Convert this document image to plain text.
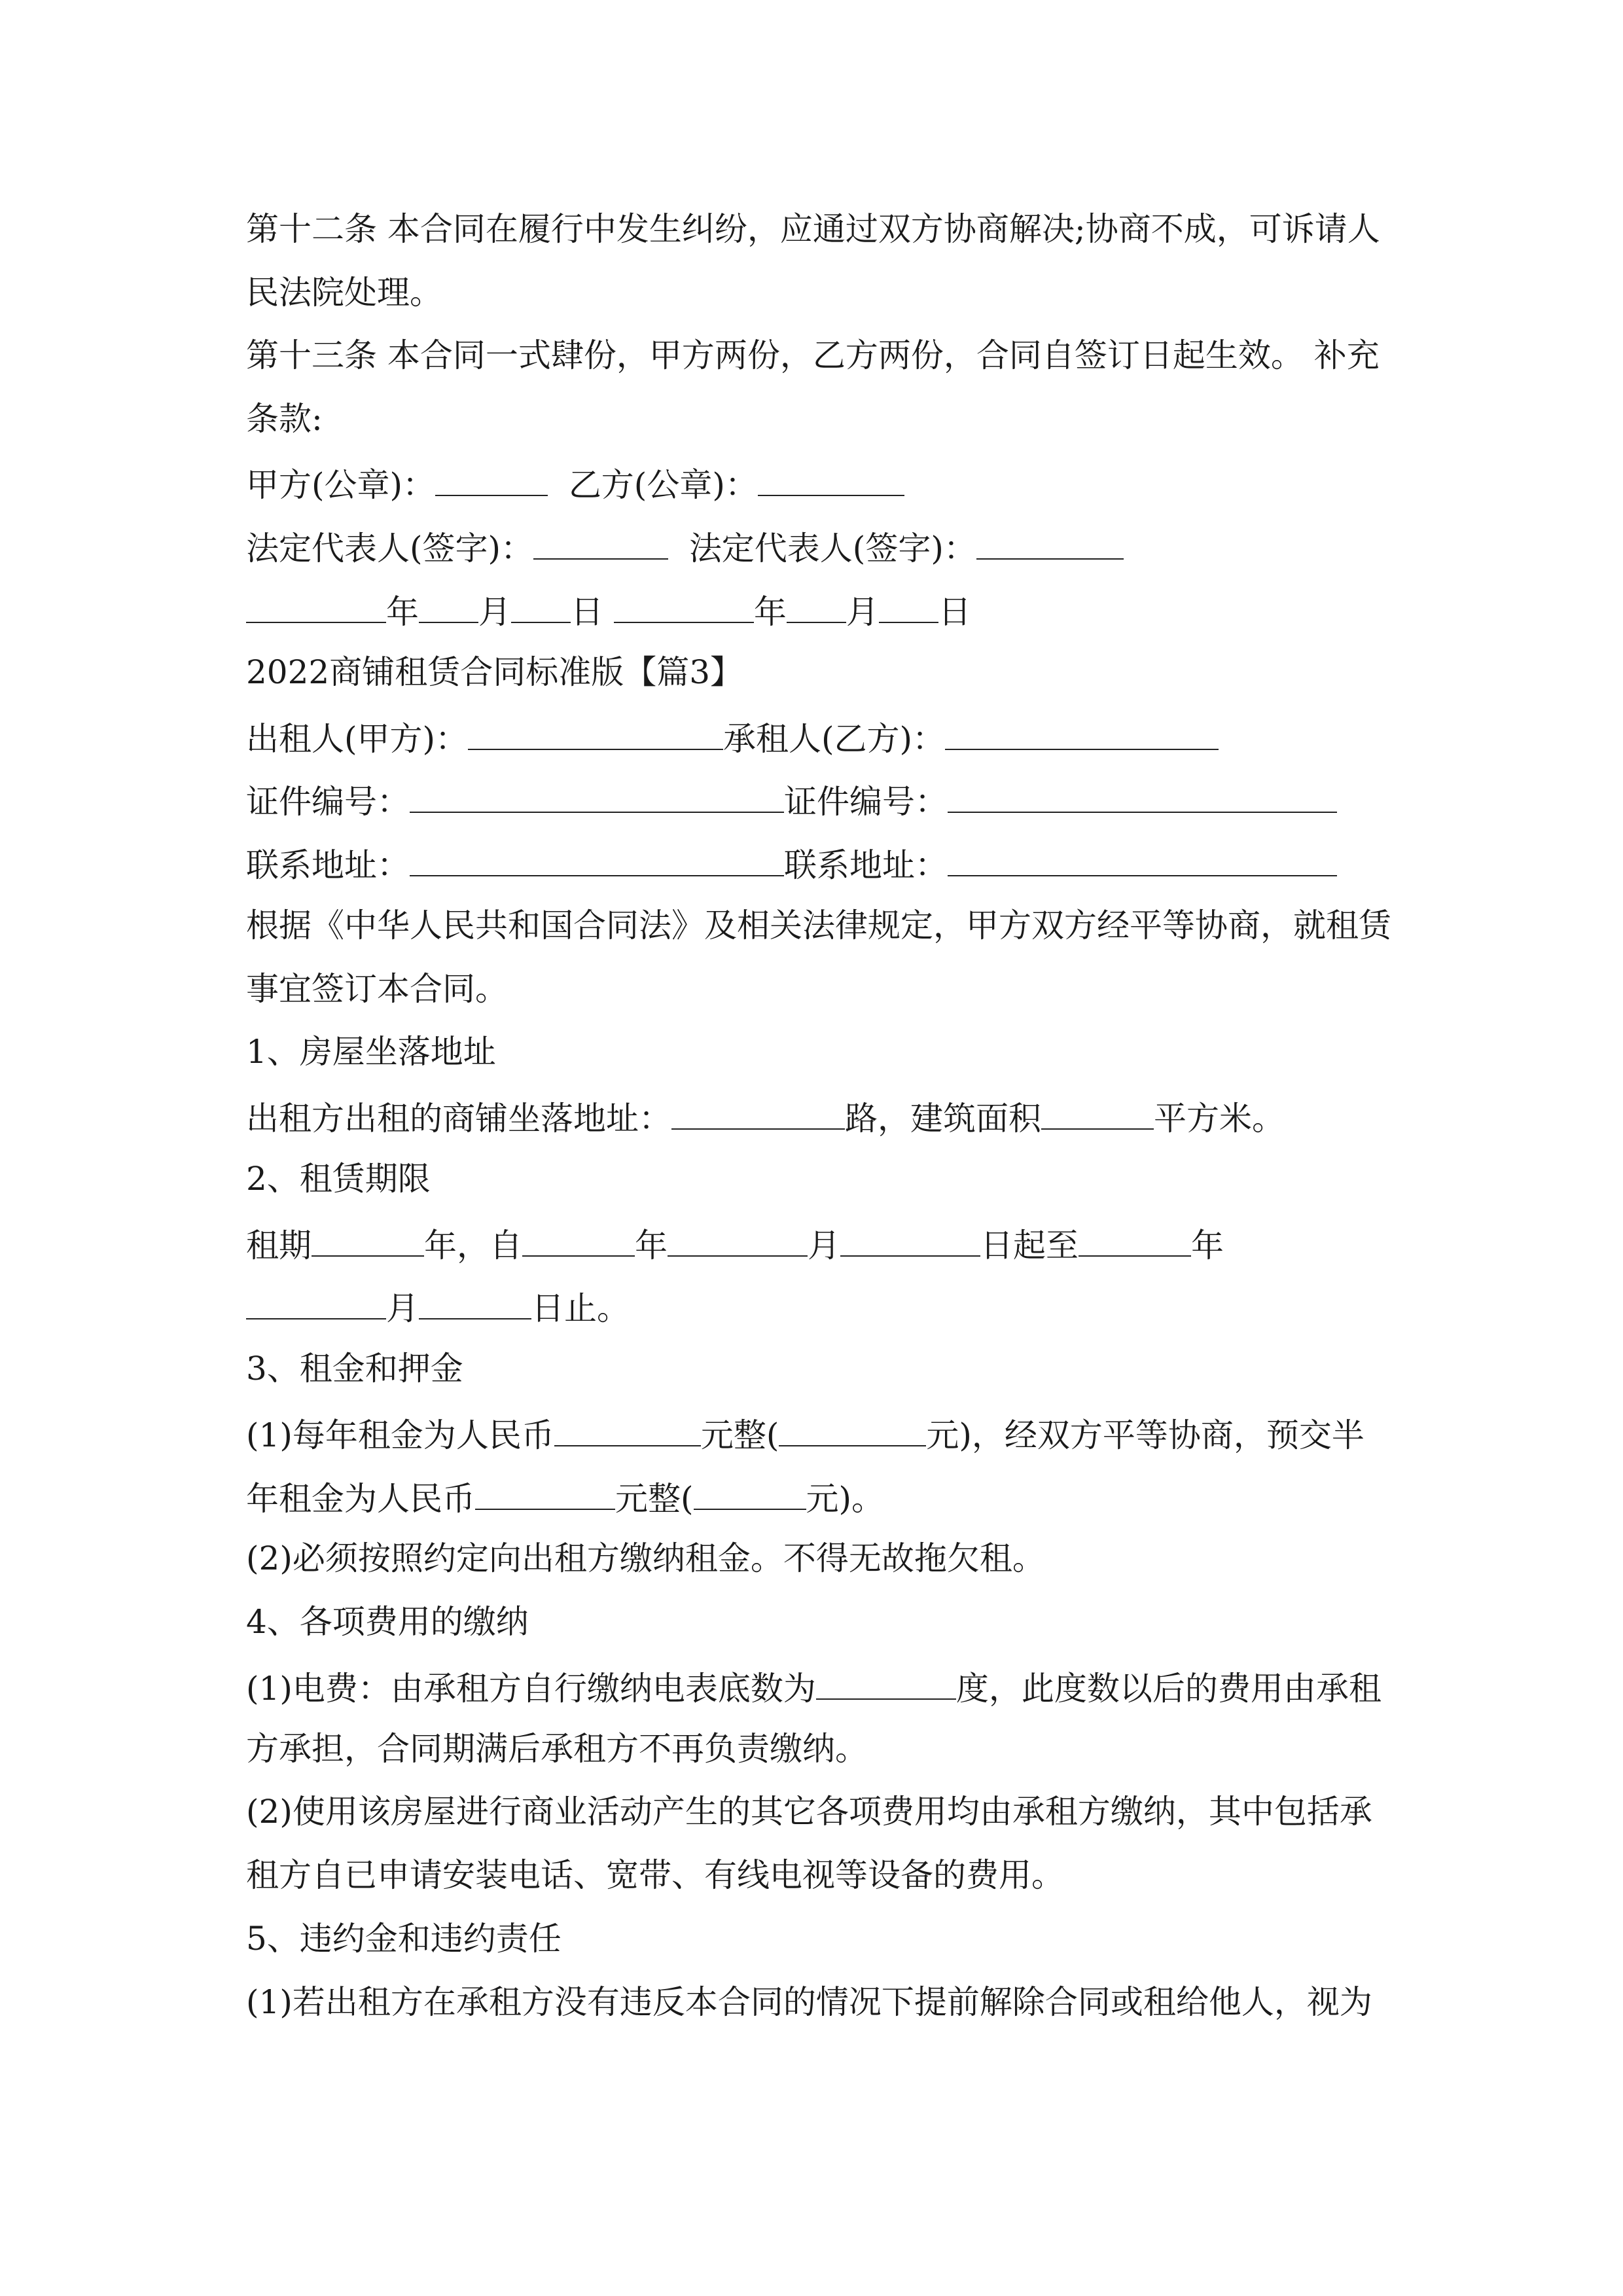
第十二条 本合同在履行中发生纠纷，应通过双方协商解决;协商不成，可诉请人

民法院处理。

第十三条 本合同一式肆份，甲方两份，乙方两份，合同自签订日起生效。 补充

条款:

甲方(公章)：	乙方(公章)：

法定代表人(签字)：	法定代表人(签字)：

年 月 日	年 月 日

2022商铺租赁合同标准版【篇3】

出租人(甲方)：	承租人(乙方)：

证件编号：	证件编号：

联系地址：	联系地址：

根据《中华人民共和国合同法》及相关法律规定，甲方双方经平等协商，就租赁

事宜签订本合同。

1、房屋坐落地址

出租方出租的商铺坐落地址：	路，建筑面积	平方米。

2、租赁期限

租期	年，自	年	月	日起至	年

月	日止。

3、租金和押金

(1)每年租金为人民币	元整(	元)，经双方平等协商，预交半

年租金为人民币	元整(	元)。

(2)必须按照约定向出租方缴纳租金。不得无故拖欠租。

4、各项费用的缴纳

(1)电费：由承租方自行缴纳电表底数为	度，此度数以后的费用由承租

方承担，合同期满后承租方不再负责缴纳。

(2)使用该房屋进行商业活动产生的其它各项费用均由承租方缴纳，其中包括承

租方自已申请安装电话、宽带、有线电视等设备的费用。

5、违约金和违约责任

(1)若出租方在承租方没有违反本合同的情况下提前解除合同或租给他人，视为
